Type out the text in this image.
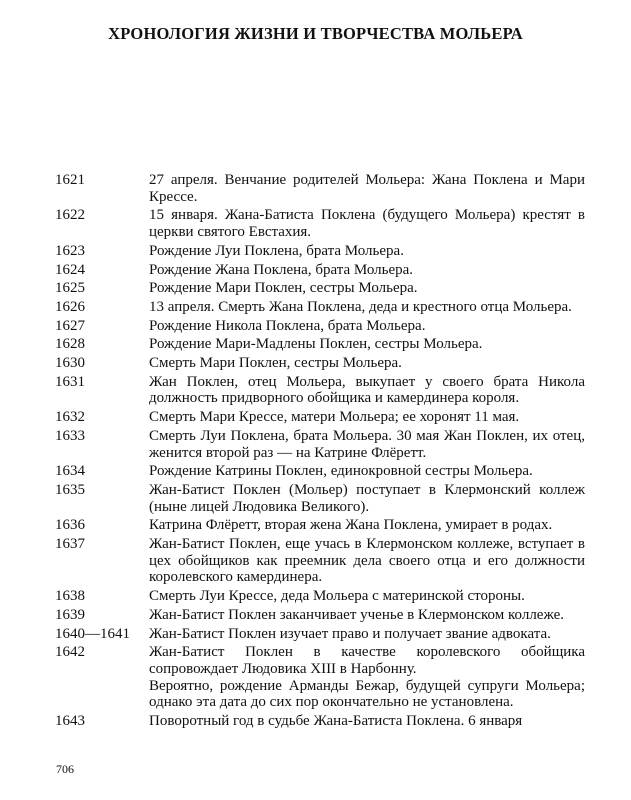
ХРОНОЛОГИЯ ЖИЗНИ И ТВОРЧЕСТВА МОЛЬЕРА
1621	27 апреля. Венчание родителей Мольера: Жана Поклена и Мари Крессе.

1622	15 января. Жана-Батиста Поклена (будущего Мольера) крестят в церкви святого Евстахия.

1623	Рождение Луи Поклена, брата Мольера.

1624	Рождение Жана Поклена, брата Мольера.

1625	Рождение Мари Поклен, сестры Мольера.

1626	13 апреля. Смерть Жана Поклена, деда и крестного отца Мольера.

1627	Рождение Никола Поклена, брата Мольера.

1628	Рождение Мари-Мадлены Поклен, сестры Мольера.

1630	Смерть Мари Поклен, сестры Мольера.

1631	Жан Поклен, отец Мольера, выкупает у своего брата Никола должность придворного обойщика и камердинера короля.

1632	Смерть Мари Крессе, матери Мольера; ее хоронят 11 мая.

1633	Смерть Луи Поклена, брата Мольера. 30 мая Жан Поклен, их отец, женится второй раз — на Катрине Флёретт.

1634	Рождение Катрины Поклен, единокровной сестры Мольера.

1635	Жан-Батист Поклен (Мольер) поступает в Клермонский коллеж (ныне лицей Людовика Великого).

1636	Катрина Флёретт, вторая жена Жана Поклена, умирает в родах.

1637	Жан-Батист Поклен, еще учась в Клермонском коллеже, вступает в цех обойщиков как преемник дела своего отца и его должности королевского камердинера.

1638	Смерть Луи Крессе, деда Мольера с материнской стороны.

1639	Жан-Батист Поклен заканчивает ученье в Клермонском коллеже.

1640—1641	Жан-Батист Поклен изучает право и получает звание адвоката.

1642	Жан-Батист Поклен в качестве королевского обойщика сопровождает Людовика XIII в Нарбонну.

Вероятно, рождение Арманды Бежар, будущей супруги Мольера; однако эта дата до сих пор окончательно не установлена.

1643	Поворотный год в судьбе Жана-Батиста Поклена. 6 января

706
